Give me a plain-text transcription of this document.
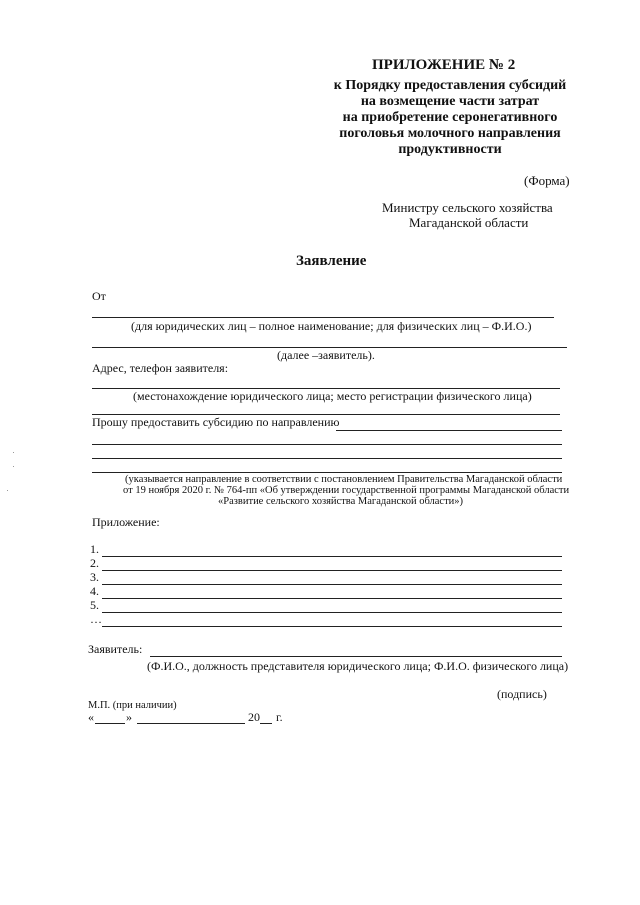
ПРИЛОЖЕНИЕ № 2
к Порядку предоставления субсидий
на возмещение части затрат
на приобретение серонегативного
поголовья молочного направления
продуктивности
(Форма)
Министру сельского хозяйства
Магаданской области
Заявление
От
(для юридических лиц – полное наименование; для физических лиц – Ф.И.О.)
(далее –заявитель).
Адрес, телефон заявителя:
(местонахождение юридического лица; место регистрации физического лица)
Прошу предоставить субсидию по направлению
(указывается направление в соответствии с постановлением Правительства Магаданской области
от 19 ноября 2020 г. № 764-пп «Об утверждении государственной программы Магаданской области
«Развитие сельского хозяйства Магаданской области»)
Приложение:
1.
2.
3.
4.
5.
…
Заявитель:
(Ф.И.О., должность представителя юридического лица; Ф.И.О. физического лица)
(подпись)
М.П. (при наличии)
«	»	20 г.
